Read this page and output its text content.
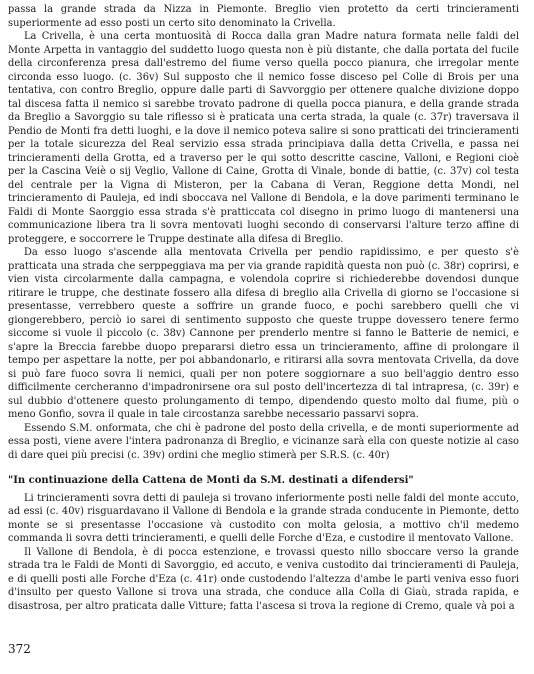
passa la grande strada da Nizza in Piemonte. Breglio vien protetto da certi trincieramenti superiormente ad esso posti un certo sito denominato la Crivella.

La Crivella, è una certa montuosità di Rocca dalla gran Madre natura formata nelle faldi del Monte Arpetta in vantaggio del suddetto luogo questa non è più distante, che dalla portata del fucile della circonferenza presa dall'estremo del fiume verso quella pocco pianura, che irregolar mente circonda esso luogo. (c. 36v) Sul supposto che il nemico fosse disceso pel Colle di Brois per una tentativa, con contro Breglio, oppure dalle parti di Savvorggio per ottenere qualche divizione doppo tal discesa fatta il nemico si sarebbe trovato padrone di quella pocca pianura, e della grande strada da Breglio a Savorggio su tale riflesso si è praticata una certa strada, la quale (c. 37r) traversava il Pendio de Monti fra detti luoghi, e la dove il nemico poteva salire si sono pratticati dei trincieramenti per la totale sicurezza del Real servizio essa strada principiava dalla detta Crivella, e passa nei trincieramenti della Grotta, ed a traverso per le qui sotto descritte cascine, Valloni, e Regioni cioè per la Cascina Veiè o sij Veglio, Vallone di Caine, Grotta di Vinale, bonde di battie, (c. 37v) col testa del centrale per la Vigna di Misteron, per la Cabana di Veran, Reggione detta Mondi, nel trincieramento di Pauleja, ed indi sboccava nel Vallone di Bendola, e la dove parimenti terminano le Faldi di Monte Saorggio essa strada s'è pratticcata col disegno in primo luogo di mantenersi una communicazione libera tra li sovra mentovati luoghi secondo di conservarsi l'alture terzo affine di proteggere, e soccorrere le Truppe destinate alla difesa di Breglio.

Da esso luogo s'ascende alla mentovata Crivella per pendio rapidissimo, e per questo s'è pratticata una strada che serppeggiava ma per via grande rapidità questa non può (c. 38r) coprirsi, e vien vista circolarmente dalla campagna, e volendola coprire si richiederebbe dovendosi dunque ritirare le truppe, che destinate fossero alla difesa di breglio alla Crivella di giorno se l'occasione si presentasse, verrebbero queste a soffrire un grande fuoco, e pochi sarebbero quelli che vi giongerebbero, perciò io sarei di sentimento supposto che queste truppe dovessero tenere fermo siccome si vuole il piccolo (c. 38v) Cannone per prenderlo mentre si fanno le Batterie de nemici, e s'apre la Breccia farebbe duopo prepararsi dietro essa un trincieramento, affine di prolongare il tempo per aspettare la notte, per poi abbandonarlo, e ritirarsi alla sovra mentovata Crivella, da dove si può fare fuoco sovra li nemici, quali per non potere soggiornare a suo bell'aggio dentro esso difficilmente cercheranno d'impadronirsene ora sul posto dell'incertezza di tal intrapresa, (c. 39r) e sul dubbio d'ottenere questo prolungamento di tempo, dipendendo questo molto dal fiume, più o meno Gonfio, sovra il quale in tale circostanza sarebbe necessario passarvi sopra.

Essendo S.M. onformata, che chi è padrone del posto della crivella, e de monti superiormente ad essa posti, viene avere l'intera padronanza di Breglio, e vicinanze sarà ella con queste notizie al caso di dare quei più precisi (c. 39v) ordini che meglio stimerà per S.R.S. (c. 40r)

"In continuazione della Cattena de Monti da S.M. destinati a difendersi"

Li trincieramenti sovra detti di pauleja si trovano inferiormente posti nelle faldi del monte accuto, ad essi (c. 40v) risguardavano il Vallone di Bendola e la grande strada conducente in Piemonte, detto monte se si presentasse l'occasione và custodito con molta gelosia, a mottivo ch'il medemo commanda li sovra detti trincieramenti, e quelli delle Forche d'Eza, e custodire il mentovato Vallone.

Il Vallone di Bendola, è di pocca estenzione, e trovassi questo nillo sboccare verso la grande strada tra le Faldi de Monti di Savorggio, ed accuto, e veniva custodito dai trincieramenti di Pauleja, e di quelli posti alle Forche d'Eza (c. 41r) onde custodendo l'altezza d'ambe le parti veniva esso fuori d'insulto per questo Vallone si trova una strada, che conduce alla Colla di Giaù, strada rapida, e disastrosa, per altro praticata dalle Vitture; fatta l'ascesa si trova la regione di Cremo, quale và poi a

372
